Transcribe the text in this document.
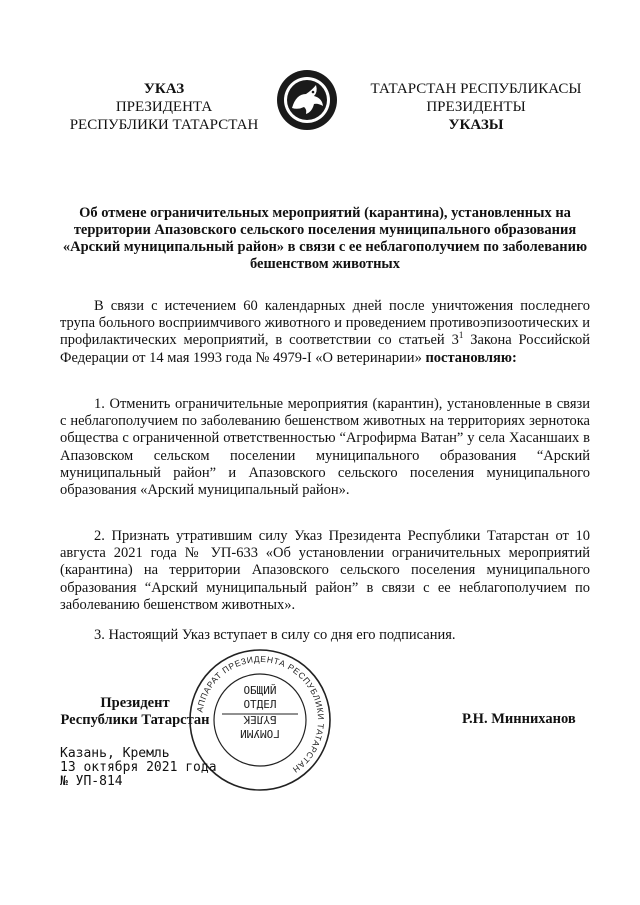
УКАЗ
ПРЕЗИДЕНТА
РЕСПУБЛИКИ ТАТАРСТАН
ТАТАРСТАН РЕСПУБЛИКАСЫ
ПРЕЗИДЕНТЫ
УКАЗЫ
Об отмене ограничительных мероприятий (карантина), установленных на территории Апазовского сельского поселения муниципального образования «Арский муниципальный район» в связи с ее неблагополучием по заболеванию бешенством животных
В связи с истечением 60 календарных дней после уничтожения последнего трупа больного восприимчивого животного и проведением противоэпизоотических и профилактических мероприятий, в соответствии со статьей $3^1$ Закона Российской Федерации от 14 мая 1993 года № 4979-I «О ветеринарии» постановляю:
1. Отменить ограничительные мероприятия (карантин), установленные в связи с неблагополучием по заболеванию бешенством животных на территориях зернотока общества с ограниченной ответственностью “Агрофирма Ватан” у села Хасаншаих в Апазовском сельском поселении муниципального образования “Арский муниципальный район” и Апазовского сельского поселения муниципального образования «Арский муниципальный район».
2. Признать утратившим силу Указ Президента Республики Татарстан от 10 августа 2021 года № УП-633 «Об установлении ограничительных мероприятий (карантина) на территории Апазовского сельского поселения муниципального образования “Арский муниципальный район” в связи с ее неблагополучием по заболеванию бешенством животных».
3. Настоящий Указ вступает в силу со дня его подписания.
Президент
Республики Татарстан
АППАРАТ ПРЕЗИДЕНТА РЕСПУБЛИКИ ТАТАРСТАН
ОБЩИЙ
ОТДЕЛ
БҮЛЕК
ГОМУМИ
Р.Н. Минниханов
Казань, Кремль
13 октября 2021 года
№ УП-814
